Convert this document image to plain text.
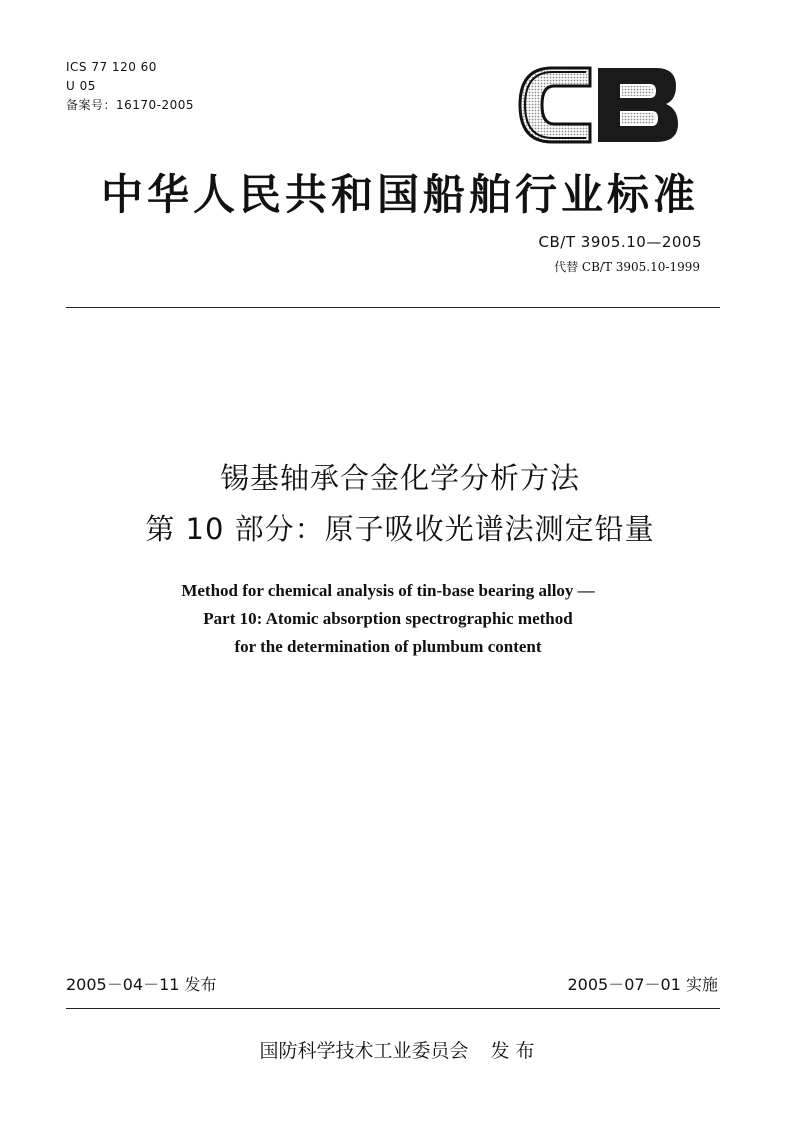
ICS 77 120 60
U 05
备案号：16170-2005
中华人民共和国船舶行业标准
CB/T 3905.10—2005
代替 CB/T 3905.10-1999
锡基轴承合金化学分析方法
第 10 部分：原子吸收光谱法测定铅量
Method for chemical analysis of tin-base bearing alloy —
Part 10: Atomic absorption spectrographic method
for the determination of plumbum content
2005－04－11 发布	2005－07－01 实施
国防科学技术工业委员会 发布
